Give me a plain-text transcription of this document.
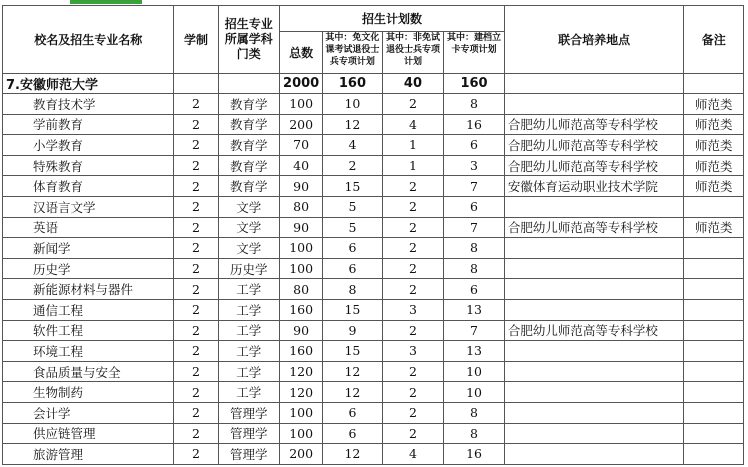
校名及招生专业名称	学制	招生专业所属学科门类	招生计划数				联合培养地点	备注
			总数	其中：免文化课考试退役士兵专项计划	其中：非免试退役士兵专项计划	其中：建档立卡专项计划		
7.安徽师范大学			2000	160	40	160		
教育技术学	2	教育学	100	10	2	8		师范类
学前教育	2	教育学	200	12	4	16	合肥幼儿师范高等专科学校	师范类
小学教育	2	教育学	70	4	1	6	合肥幼儿师范高等专科学校	师范类
特殊教育	2	教育学	40	2	1	3	合肥幼儿师范高等专科学校	师范类
体育教育	2	教育学	90	15	2	7	安徽体育运动职业技术学院	师范类
汉语言文学	2	文学	80	5	2	6		
英语	2	文学	90	5	2	7	合肥幼儿师范高等专科学校	师范类
新闻学	2	文学	100	6	2	8		
历史学	2	历史学	100	6	2	8		
新能源材料与器件	2	工学	80	8	2	6		
通信工程	2	工学	160	15	3	13		
软件工程	2	工学	90	9	2	7	合肥幼儿师范高等专科学校	
环境工程	2	工学	160	15	3	13		
食品质量与安全	2	工学	120	12	2	10		
生物制药	2	工学	120	12	2	10		
会计学	2	管理学	100	6	2	8		
供应链管理	2	管理学	100	6	2	8		
旅游管理	2	管理学	200	12	4	16		
